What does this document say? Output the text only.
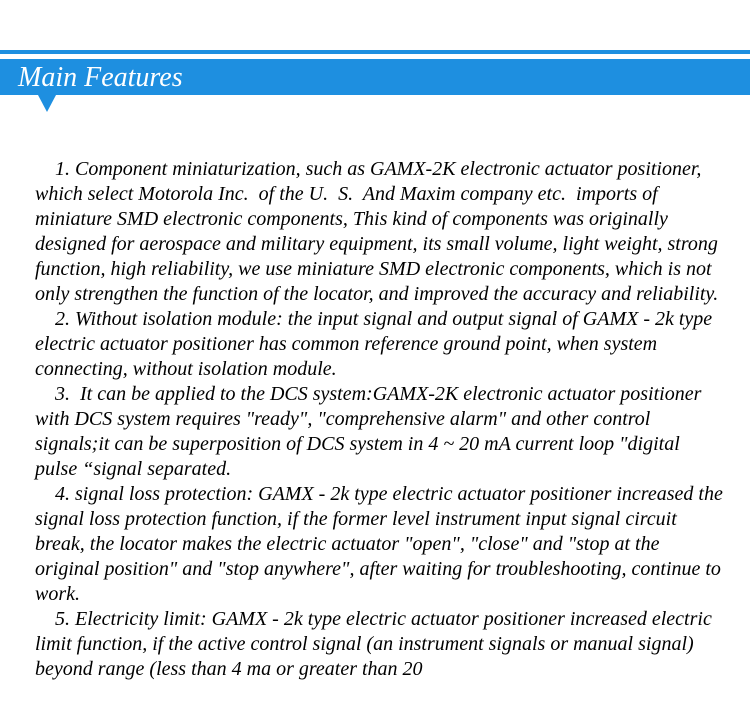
Main Features

1. Component miniaturization, such as GAMX-2K electronic actuator positioner, which select Motorola Inc.  of the U.  S.  And Maxim company etc.  imports of miniature SMD electronic components, This kind of components was originally designed for aerospace and military equipment, its small volume, light weight, strong function, high reliability, we use miniature SMD electronic components, which is not only strengthen the function of the locator, and improved the accuracy and reliability.

2. Without isolation module: the input signal and output signal of GAMX - 2k type electric actuator positioner has common reference ground point, when system connecting, without isolation module.

3.  It can be applied to the DCS system:GAMX-2K electronic actuator positioner with DCS system requires "ready", "comprehensive alarm" and other control signals;it can be superposition of DCS system in 4 ~ 20 mA current loop "digital pulse “signal separated.

4. signal loss protection: GAMX - 2k type electric actuator positioner increased the signal loss protection function, if the former level instrument input signal circuit break, the locator makes the electric actuator "open", "close" and "stop at the original position" and "stop anywhere", after waiting for troubleshooting, continue to work.

5. Electricity limit: GAMX - 2k type electric actuator positioner increased electric limit function, if the active control signal (an instrument signals or manual signal) beyond range (less than 4 ma or greater than 20
